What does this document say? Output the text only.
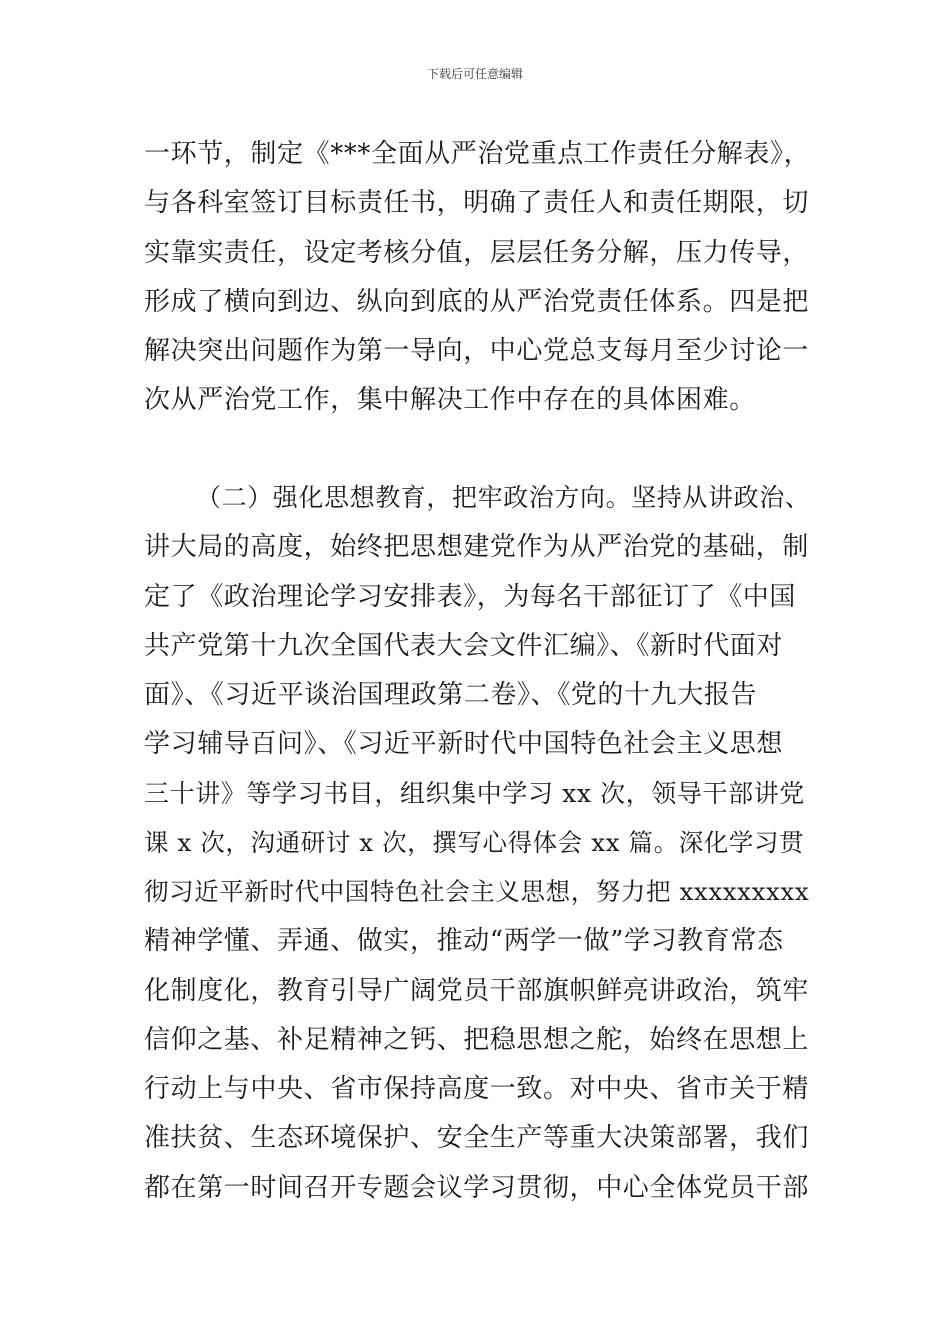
下载后可任意编辑
一环节，制定《***全面从严治党重点工作责任分解表》，
与各科室签订目标责任书，明确了责任人和责任期限，切
实靠实责任，设定考核分值，层层任务分解，压力传导，
形成了横向到边、纵向到底的从严治党责任体系。四是把
解决突出问题作为第一导向，中心党总支每月至少讨论一
次从严治党工作，集中解决工作中存在的具体困难。
（二）强化思想教育，把牢政治方向。坚持从讲政治、
讲大局的高度，始终把思想建党作为从严治党的基础，制
定了《政治理论学习安排表》，为每名干部征订了《中国
共产党第十九次全国代表大会文件汇编》、《新时代面对
面》、《习近平谈治国理政第二卷》、《党的十九大报告
学习辅导百问》、《习近平新时代中国特色社会主义思想
三十讲》等学习书目，组织集中学习 xx 次，领导干部讲党
课 x 次，沟通研讨 x 次，撰写心得体会 xx 篇。深化学习贯
彻习近平新时代中国特色社会主义思想，努力把 xxxxxxxxx
精神学懂、弄通、做实，推动“两学一做”学习教育常态
化制度化，教育引导广阔党员干部旗帜鲜亮讲政治，筑牢
信仰之基、补足精神之钙、把稳思想之舵，始终在思想上
行动上与中央、省市保持高度一致。对中央、省市关于精
准扶贫、生态环境保护、安全生产等重大决策部署，我们
都在第一时间召开专题会议学习贯彻，中心全体党员干部
